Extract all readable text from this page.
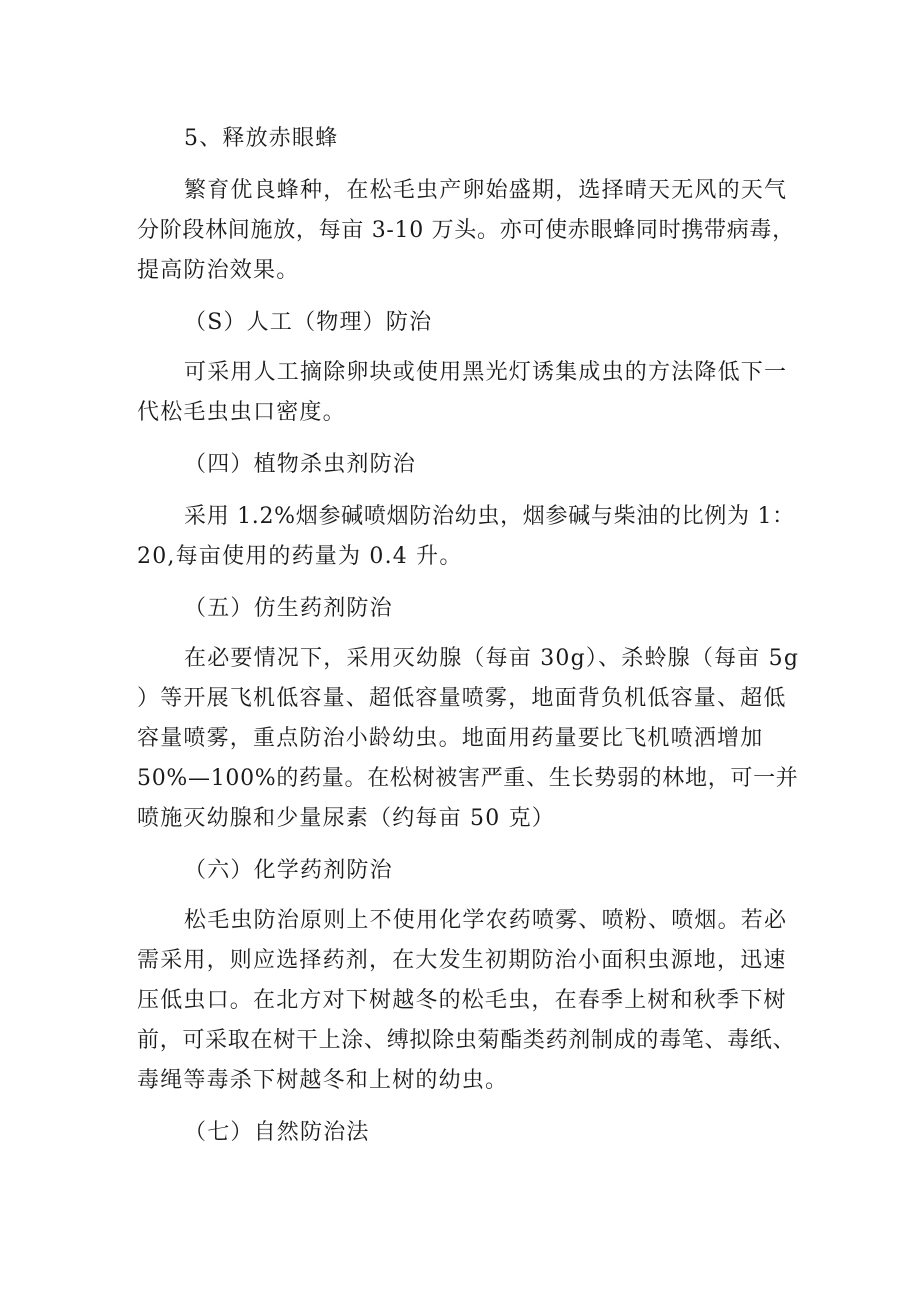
5、释放赤眼蜂
繁育优良蜂种，在松毛虫产卵始盛期，选择晴天无风的天气
分阶段林间施放，每亩 3-10 万头。亦可使赤眼蜂同时携带病毒，
提高防治效果。
（S）人工（物理）防治
可采用人工摘除卵块或使用黑光灯诱集成虫的方法降低下一
代松毛虫虫口密度。
（四）植物杀虫剂防治
采用 1.2%烟参碱喷烟防治幼虫，烟参碱与柴油的比例为 1：
20,每亩使用的药量为 0.4 升。
（五）仿生药剂防治
在必要情况下，采用灭幼腺（每亩 30g）、杀蛉腺（每亩 5g
）等开展飞机低容量、超低容量喷雾，地面背负机低容量、超低
容量喷雾，重点防治小龄幼虫。地面用药量要比飞机喷洒增加
50%—100%的药量。在松树被害严重、生长势弱的林地，可一并
喷施灭幼腺和少量尿素（约每亩 50 克）
（六）化学药剂防治
松毛虫防治原则上不使用化学农药喷雾、喷粉、喷烟。若必
需采用，则应选择药剂，在大发生初期防治小面积虫源地，迅速
压低虫口。在北方对下树越冬的松毛虫，在春季上树和秋季下树
前，可采取在树干上涂、缚拟除虫菊酯类药剂制成的毒笔、毒纸、
毒绳等毒杀下树越冬和上树的幼虫。
（七）自然防治法
